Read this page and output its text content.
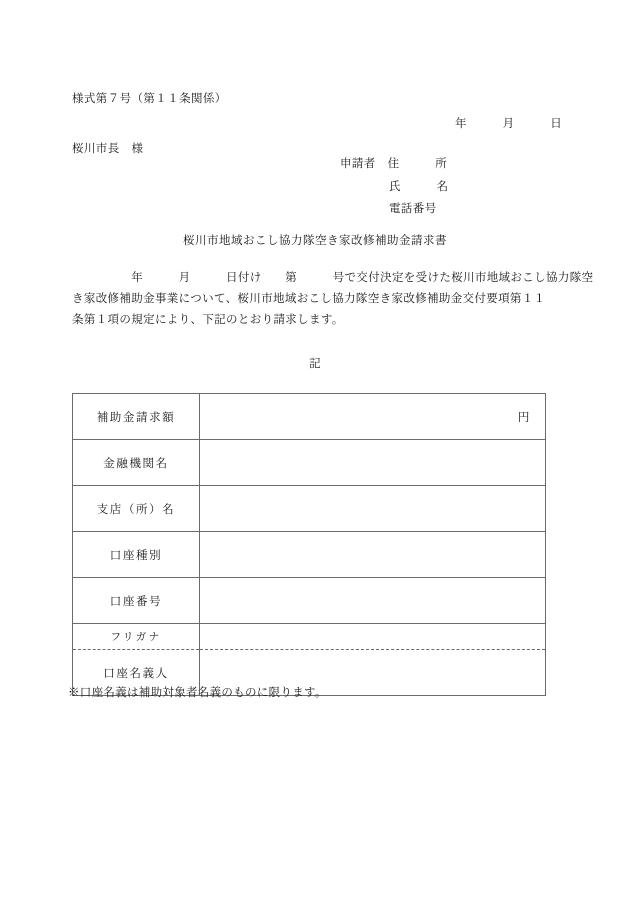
様式第７号（第１１条関係）
年　　　月　　　日
桜川市長　様
申請者　 住　　　所
氏　　　名
電話番号
桜川市地域おこし協力隊空き家改修補助金請求書
　　　　　年　　　月　　　日付け　　第　　　号で交付決定を受けた桜川市地域おこし協力隊空
き家改修補助金事業について、桜川市地域おこし協力隊空き家改修補助金交付要項第１１
条第１項の規定により、下記のとおり請求します。
記
補助金請求額	円
金融機関名	
支店（所）名	
口座種別	
口座番号	
フリガナ	
口座名義人	
※口座名義は補助対象者名義のものに限ります。
